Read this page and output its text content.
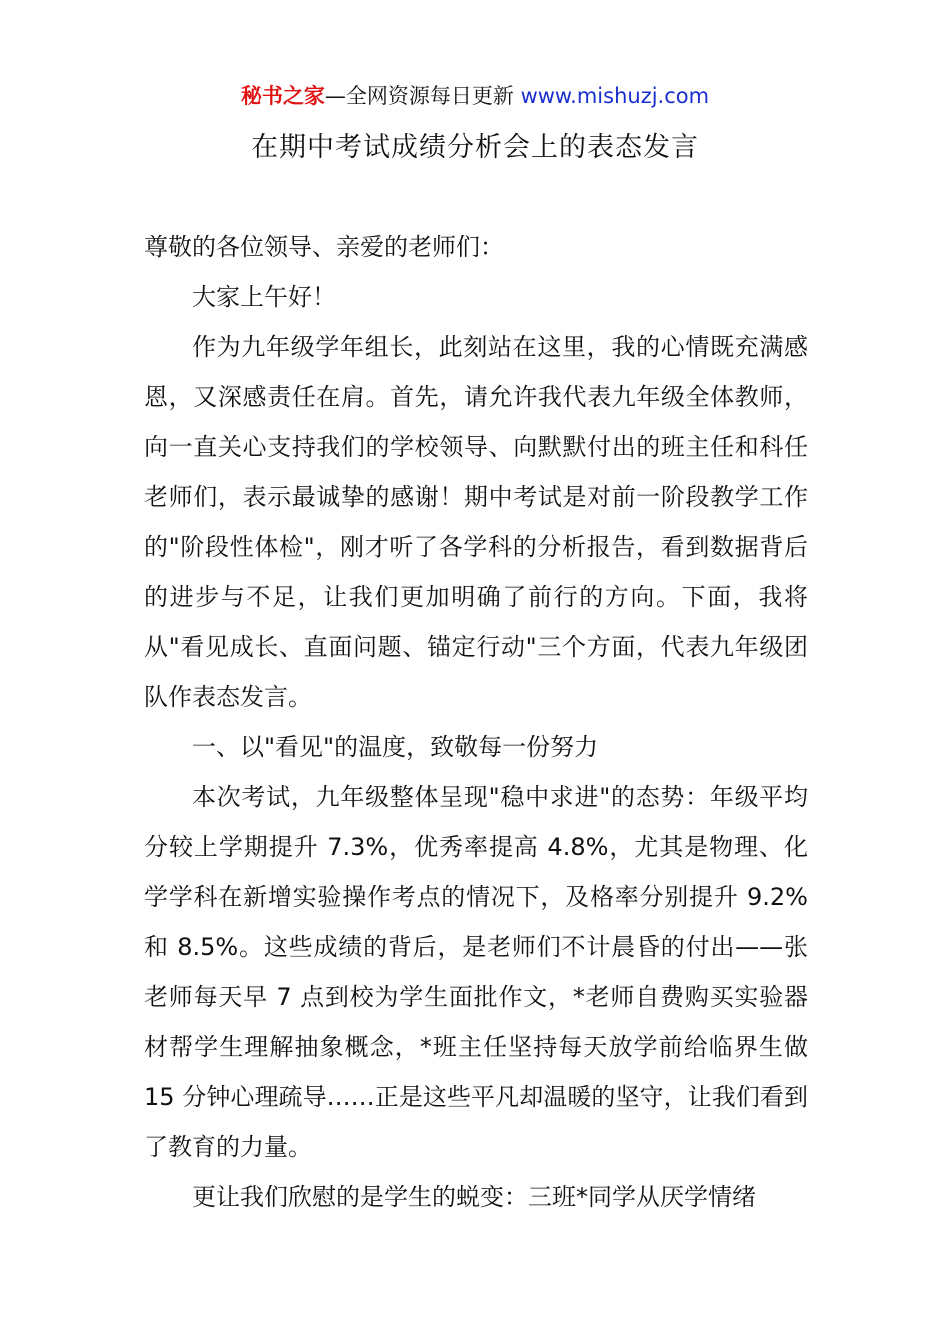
秘书之家—全网资源每日更新 www.mishuzj.com
在期中考试成绩分析会上的表态发言

尊敬的各位领导、亲爱的老师们：

大家上午好！

作为九年级学年组长，此刻站在这里，我的心情既充满感恩，又深感责任在肩。首先，请允许我代表九年级全体教师，向一直关心支持我们的学校领导、向默默付出的班主任和科任老师们，表示最诚挚的感谢！期中考试是对前一阶段教学工作的"阶段性体检"，刚才听了各学科的分析报告，看到数据背后的进步与不足，让我们更加明确了前行的方向。下面，我将从"看见成长、直面问题、锚定行动"三个方面，代表九年级团队作表态发言。

一、以"看见"的温度，致敬每一份努力

本次考试，九年级整体呈现"稳中求进"的态势：年级平均分较上学期提升 7.3%，优秀率提高 4.8%，尤其是物理、化学学科在新增实验操作考点的情况下，及格率分别提升 9.2%和 8.5%。这些成绩的背后，是老师们不计晨昏的付出——张老师每天早 7 点到校为学生面批作文，*老师自费购买实验器材帮学生理解抽象概念，*班主任坚持每天放学前给临界生做 15 分钟心理疏导……正是这些平凡却温暖的坚守，让我们看到了教育的力量。

更让我们欣慰的是学生的蜕变：三班*同学从厌学情绪
